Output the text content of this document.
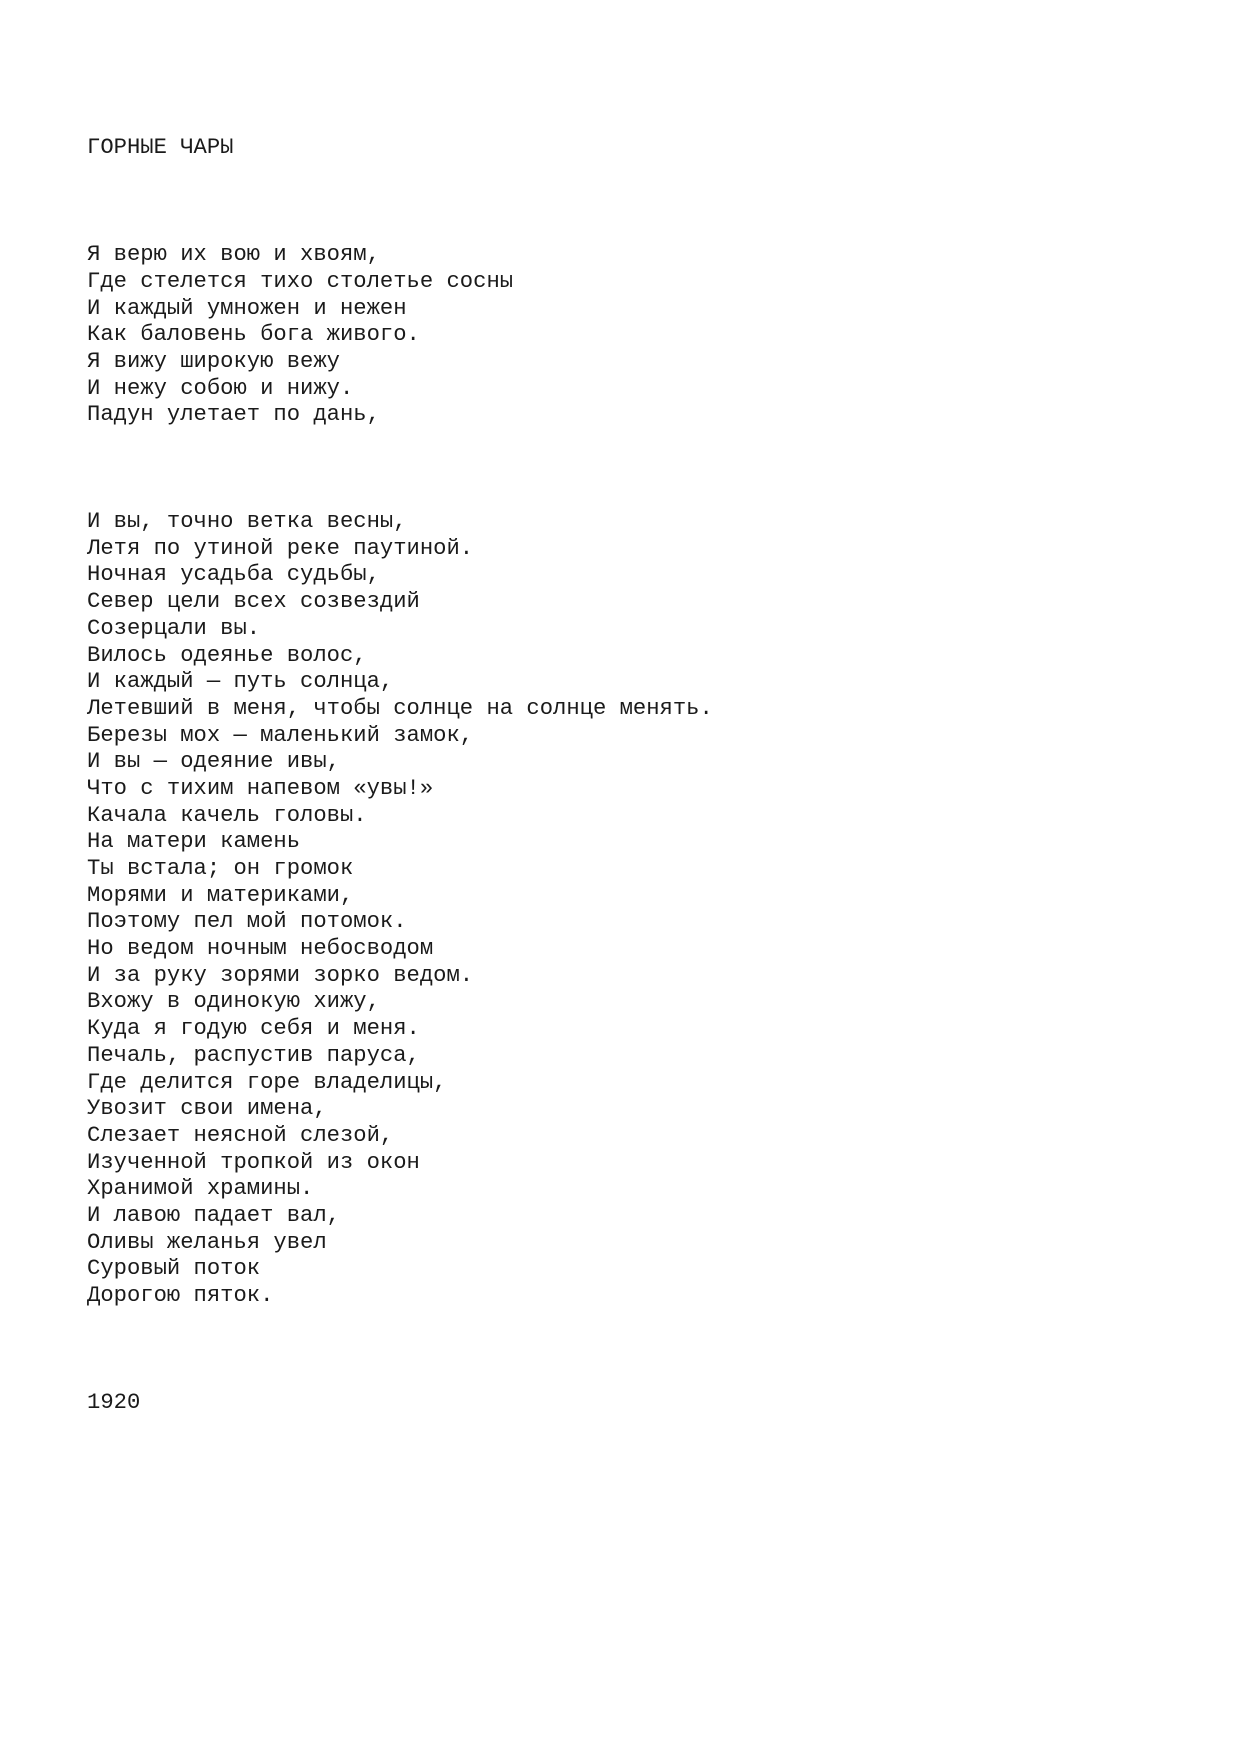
ГОРНЫЕ ЧАРЫ

Я верю их вою и хвоям,
Где стелется тихо столетье сосны
И каждый умножен и нежен
Как баловень бога живого.
Я вижу широкую вежу
И нежу собою и нижу.
Падун улетает по дань,

И вы, точно ветка весны,
Летя по утиной реке паутиной.
Ночная усадьба судьбы,
Север цели всех созвездий
Созерцали вы.
Вилось одеянье волос,
И каждый — путь солнца,
Летевший в меня, чтобы солнце на солнце менять.
Березы мох — маленький замок,
И вы — одеяние ивы,
Что с тихим напевом «увы!»
Качала качель головы.
На матери камень
Ты встала; он громок
Морями и материками,
Поэтому пел мой потомок.
Но ведом ночным небосводом
И за руку зорями зорко ведом.
Вхожу в одинокую хижу,
Куда я годую себя и меня.
Печаль, распустив паруса,
Где делится горе владелицы,
Увозит свои имена,
Слезает неясной слезой,
Изученной тропкой из окон
Хранимой храмины.
И лавою падает вал,
Оливы желанья увел
Суровый поток
Дорогою пяток.

1920
